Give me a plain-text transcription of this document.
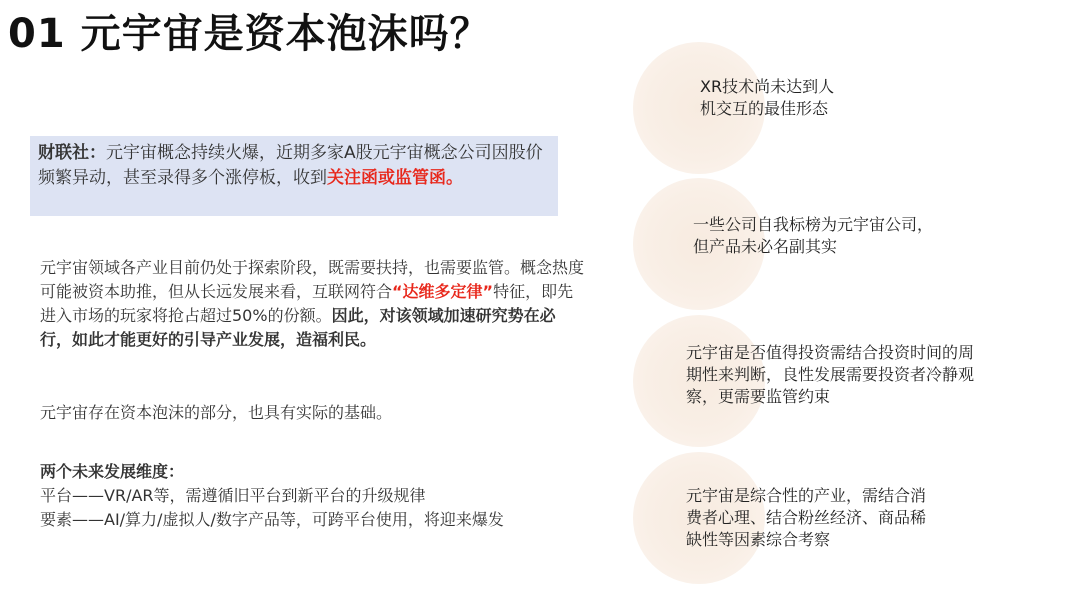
01 元宇宙是资本泡沫吗？
财联社：元宇宙概念持续火爆，近期多家A股元宇宙概念公司因股价频繁异动，甚至录得多个涨停板，收到关注函或监管函。
元宇宙领域各产业目前仍处于探索阶段，既需要扶持，也需要监管。概念热度可能被资本助推，但从长远发展来看，互联网符合“达维多定律”特征，即先进入市场的玩家将抢占超过50%的份额。因此，对该领域加速研究势在必行，如此才能更好的引导产业发展，造福利民。
元宇宙存在资本泡沫的部分，也具有实际的基础。
两个未来发展维度：
平台——VR/AR等，需遵循旧平台到新平台的升级规律
要素——AI/算力/虚拟人/数字产品等，可跨平台使用，将迎来爆发
XR技术尚未达到人机交互的最佳形态
一些公司自我标榜为元宇宙公司，但产品未必名副其实
元宇宙是否值得投资需结合投资时间的周期性来判断，良性发展需要投资者冷静观察，更需要监管约束
元宇宙是综合性的产业，需结合消费者心理、结合粉丝经济、商品稀缺性等因素综合考察
